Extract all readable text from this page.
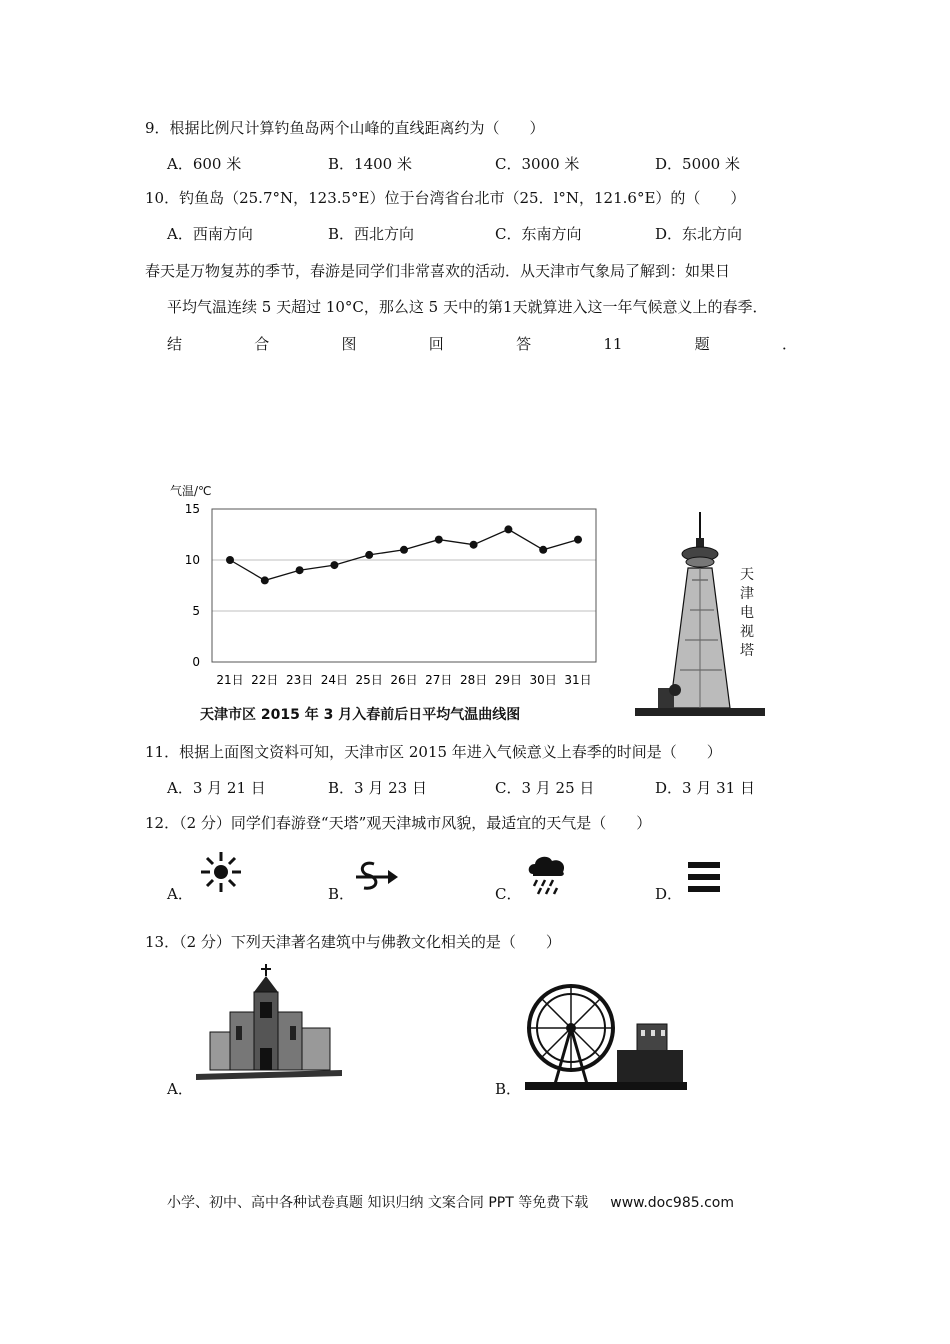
9．根据比例尺计算钓鱼岛两个山峰的直线距离约为（　　）
A．600 米	B．1400 米	C．3000 米	D．5000 米
10．钓鱼岛（25.7°N，123.5°E）位于台湾省台北市（25．l°N，121.6°E）的（　　）
A．西南方向	B．西北方向	C．东南方向	D．东北方向
春天是万物复苏的季节，春游是同学们非常喜欢的活动．从天津市气象局了解到：如果日
平均气温连续 5 天超过 10°C，那么这 5 天中的第1天就算进入这一年气候意义上的春季．
结	合	图	回	答	11	题	．
气温/℃
0
5
10
15
21日 22日 23日 24日 25日 26日 27日 28日 29日 30日 31日
天津市区 2015 年 3 月入春前后日平均气温曲线图
天
津
电
视
塔
11．根据上面图文资料可知，天津市区 2015 年进入气候意义上春季的时间是（　　）
A．3 月 21 日	B．3 月 23 日	C．3 月 25 日	D．3 月 31 日
12．（2 分）同学们春游登“天塔”观天津城市风貌，最适宜的天气是（　　）
A．	B．	C．	D．
13．（2 分）下列天津著名建筑中与佛教文化相关的是（　　）
A．	B．
小学、初中、高中各种试卷真题 知识归纳 文案合同 PPT 等免费下载 www.doc985.com
